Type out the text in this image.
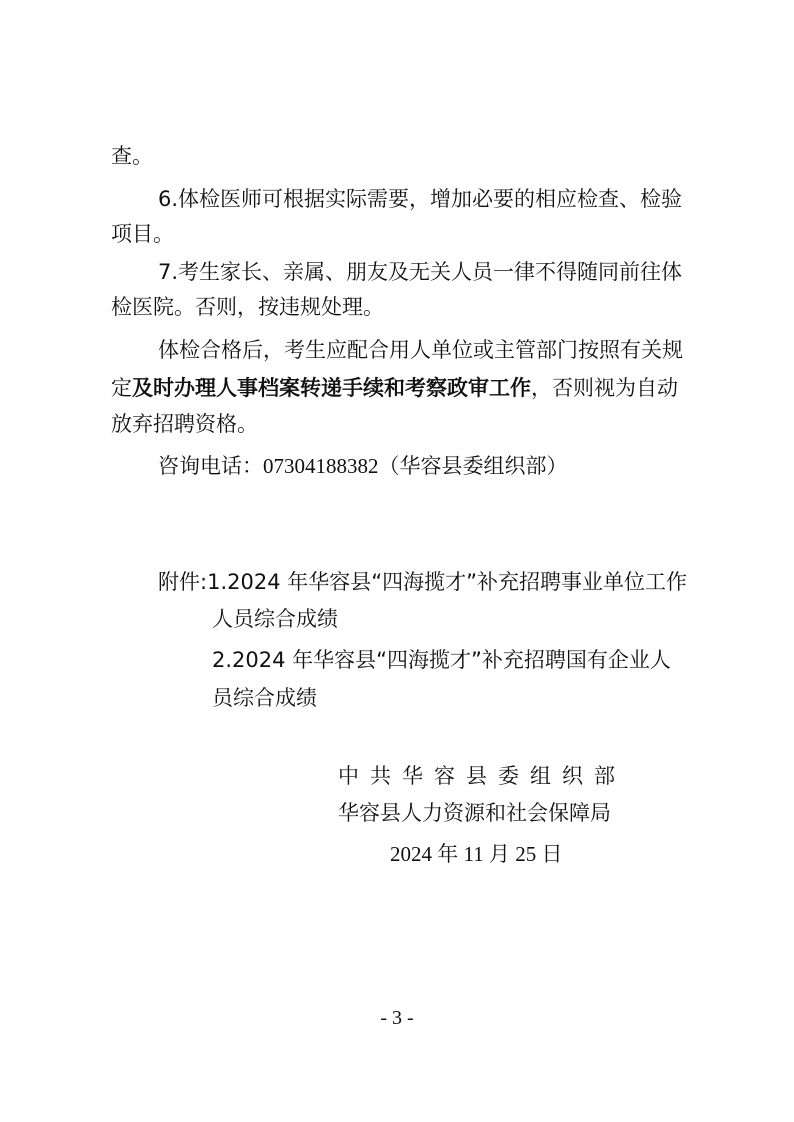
查。

6.体检医师可根据实际需要，增加必要的相应检查、检验

项目。

7.考生家长、亲属、朋友及无关人员一律不得随同前往体

检医院。否则，按违规处理。

体检合格后，考生应配合用人单位或主管部门按照有关规

定及时办理人事档案转递手续和考察政审工作，否则视为自动

放弃招聘资格。

咨询电话：07304188382（华容县委组织部）

附件:1.2024 年华容县“四海揽才”补充招聘事业单位工作

人员综合成绩

2.2024 年华容县“四海揽才”补充招聘国有企业人

员综合成绩

中共华容县委组织部

华容县人力资源和社会保障局

2024 年 11 月 25 日

- 3 -
